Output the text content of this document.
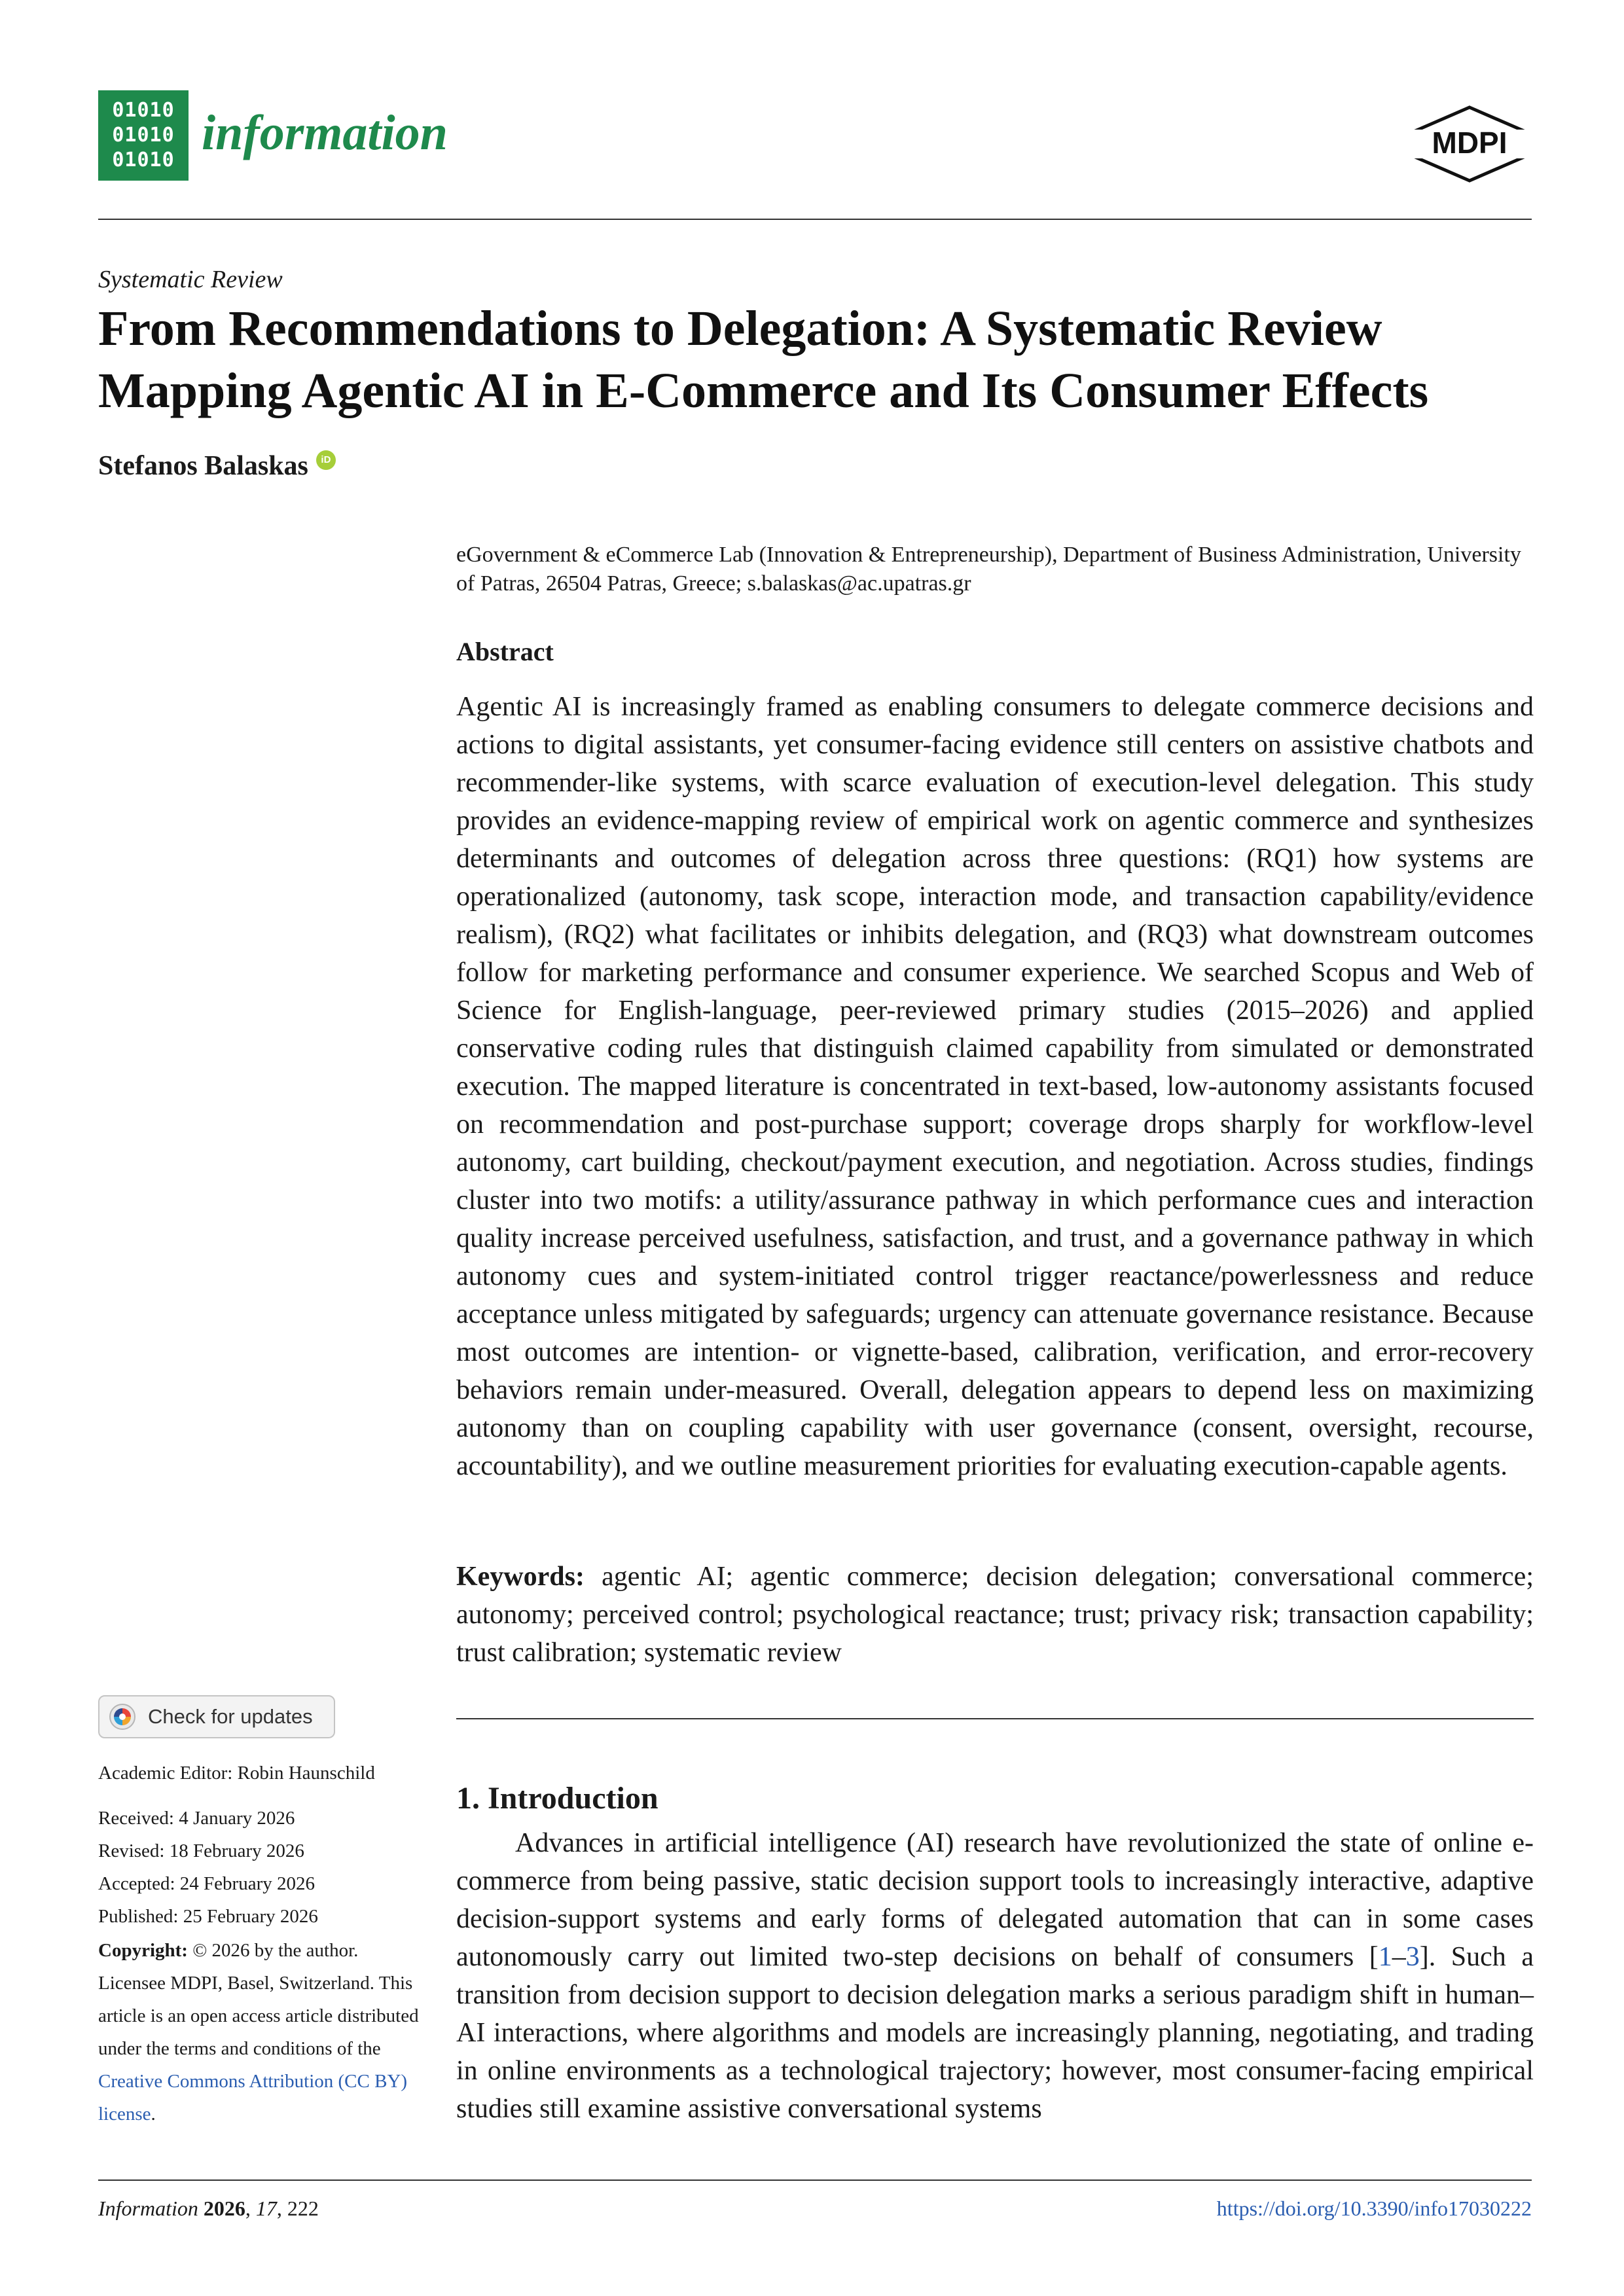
01010
01010
01010 information	MDPI
Systematic Review
From Recommendations to Delegation: A Systematic Review Mapping Agentic AI in E-Commerce and Its Consumer Effects
Stefanos Balaskas	iD

eGovernment & eCommerce Lab (Innovation & Entrepreneurship), Department of Business Administration, University of Patras, 26504 Patras, Greece; s.balaskas@ac.upatras.gr

Abstract

Agentic AI is increasingly framed as enabling consumers to delegate commerce decisions and actions to digital assistants, yet consumer-facing evidence still centers on assistive chatbots and recommender-like systems, with scarce evaluation of execution-level delegation. This study provides an evidence-mapping review of empirical work on agentic commerce and synthesizes determinants and outcomes of delegation across three questions: (RQ1) how systems are operationalized (autonomy, task scope, interaction mode, and transaction capability/evidence realism), (RQ2) what facilitates or inhibits delegation, and (RQ3) what downstream outcomes follow for marketing performance and consumer experience. We searched Scopus and Web of Science for English-language, peer-reviewed primary studies (2015–2026) and applied conservative coding rules that distinguish claimed capability from simulated or demonstrated execution. The mapped literature is concentrated in text-based, low-autonomy assistants focused on recommendation and post-purchase support; coverage drops sharply for workflow-level autonomy, cart building, checkout/payment execution, and negotiation. Across studies, findings cluster into two motifs: a utility/assurance pathway in which performance cues and interaction quality increase perceived usefulness, satisfaction, and trust, and a governance pathway in which autonomy cues and system-initiated control trigger reactance/powerlessness and reduce acceptance unless mitigated by safeguards; urgency can attenuate governance resistance. Because most outcomes are intention- or vignette-based, calibration, verification, and error-recovery behaviors remain under-measured. Overall, delegation appears to depend less on maximizing autonomy than on coupling capability with user governance (consent, oversight, recourse, accountability), and we outline measurement priorities for evaluating execution-capable agents.

Keywords: agentic AI; agentic commerce; decision delegation; conversational commerce; autonomy; perceived control; psychological reactance; trust; privacy risk; transaction capability; trust calibration; systematic review

1. Introduction

Advances in artificial intelligence (AI) research have revolutionized the state of online e-commerce from being passive, static decision support tools to increasingly interactive, adaptive decision-support systems and early forms of delegated automation that can in some cases autonomously carry out limited two-step decisions on behalf of consumers [1–3]. Such a transition from decision support to decision delegation marks a serious paradigm shift in human–AI interactions, where algorithms and models are increasingly planning, negotiating, and trading in online environments as a technological trajectory; however, most consumer-facing empirical studies still examine assistive conversational systems

Check for updates
Academic Editor: Robin Haunschild
Received: 4 January 2026
Revised: 18 February 2026
Accepted: 24 February 2026
Published: 25 February 2026
Copyright: © 2026 by the author. Licensee MDPI, Basel, Switzerland. This article is an open access article distributed under the terms and conditions of the Creative Commons Attribution (CC BY) license.
Information 2026, 17, 222	https://doi.org/10.3390/info17030222
